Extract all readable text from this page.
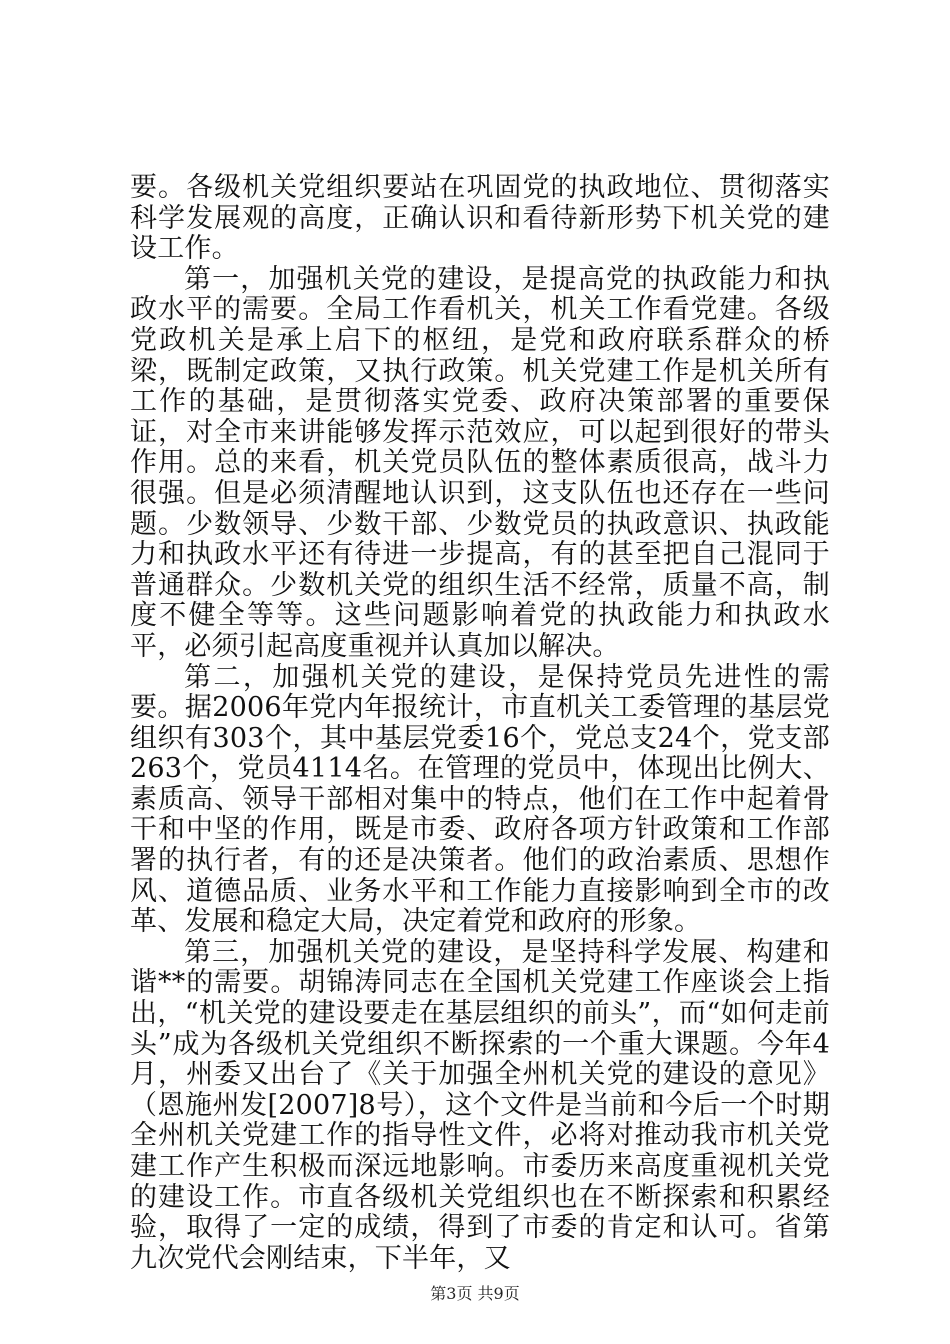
要。各级机关党组织要站在巩固党的执政地位、贯彻落实科学发展观的高度，正确认识和看待新形势下机关党的建设工作。

第一，加强机关党的建设，是提高党的执政能力和执政水平的需要。全局工作看机关，机关工作看党建。各级党政机关是承上启下的枢纽，是党和政府联系群众的桥梁，既制定政策，又执行政策。机关党建工作是机关所有工作的基础，是贯彻落实党委、政府决策部署的重要保证，对全市来讲能够发挥示范效应，可以起到很好的带头作用。总的来看，机关党员队伍的整体素质很高，战斗力很强。但是必须清醒地认识到，这支队伍也还存在一些问题。少数领导、少数干部、少数党员的执政意识、执政能力和执政水平还有待进一步提高，有的甚至把自己混同于普通群众。少数机关党的组织生活不经常，质量不高，制度不健全等等。这些问题影响着党的执政能力和执政水平，必须引起高度重视并认真加以解决。

第二，加强机关党的建设，是保持党员先进性的需要。据2006年党内年报统计，市直机关工委管理的基层党组织有303个，其中基层党委16个，党总支24个，党支部263个，党员4114名。在管理的党员中，体现出比例大、素质高、领导干部相对集中的特点，他们在工作中起着骨干和中坚的作用，既是市委、政府各项方针政策和工作部署的执行者，有的还是决策者。他们的政治素质、思想作风、道德品质、业务水平和工作能力直接影响到全市的改革、发展和稳定大局，决定着党和政府的形象。

第三，加强机关党的建设，是坚持科学发展、构建和谐**的需要。胡锦涛同志在全国机关党建工作座谈会上指出，“机关党的建设要走在基层组织的前头”，而“如何走前头”成为各级机关党组织不断探索的一个重大课题。今年4月，州委又出台了《关于加强全州机关党的建设的意见》（恩施州发[2007]8号），这个文件是当前和今后一个时期全州机关党建工作的指导性文件，必将对推动我市机关党建工作产生积极而深远地影响。市委历来高度重视机关党的建设工作。市直各级机关党组织也在不断探索和积累经验，取得了一定的成绩，得到了市委的肯定和认可。省第九次党代会刚结束，下半年，又

第3页 共9页
